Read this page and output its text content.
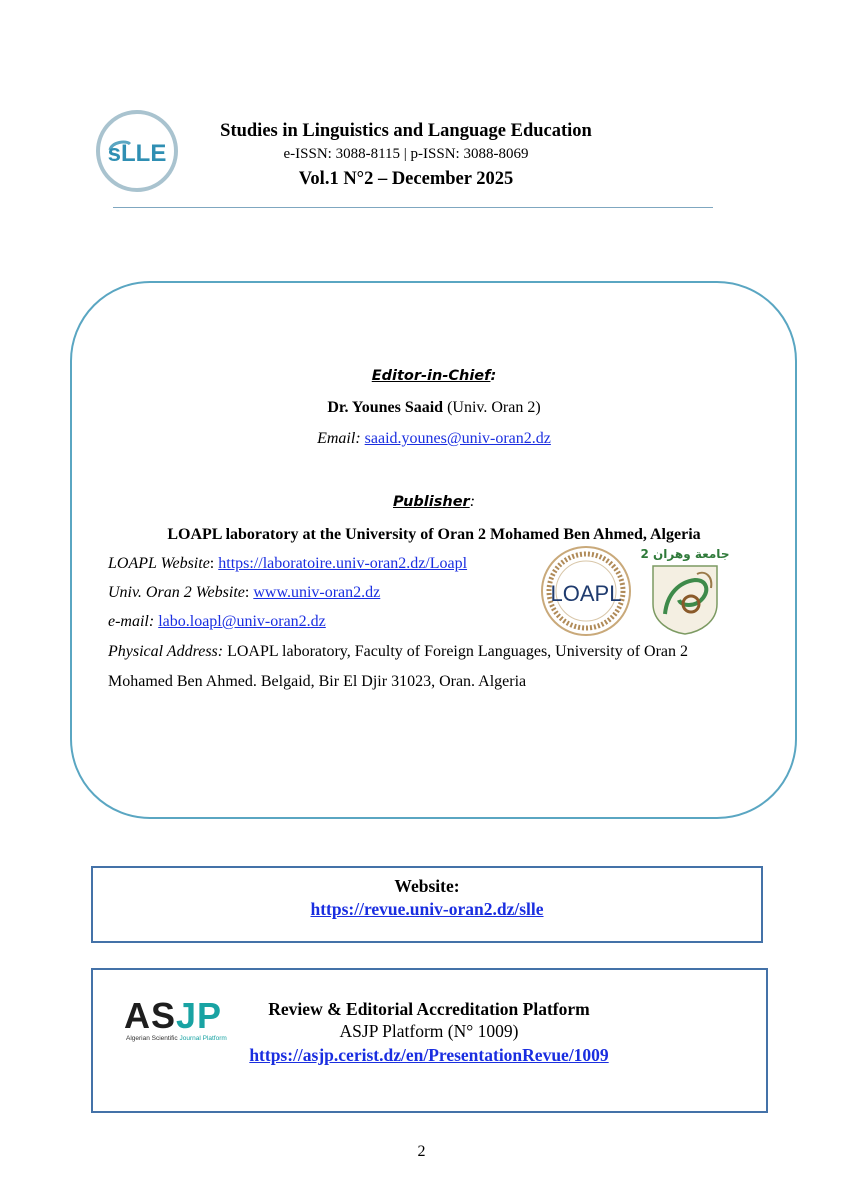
sLLE
Studies in Linguistics and Language Education
e-ISSN: 3088-8115 | p-ISSN: 3088-8069
Vol.1 N°2 – December 2025
Editor-in-Chief:
Dr. Younes Saaid (Univ. Oran 2)
Email: saaid.younes@univ-oran2.dz
Publisher:
LOAPL laboratory at the University of Oran 2 Mohamed Ben Ahmed, Algeria
LOAPL Website: https://laboratoire.univ-oran2.dz/Loapl
Univ. Oran 2 Website: www.univ-oran2.dz
e-mail: labo.loapl@univ-oran2.dz
Physical Address: LOAPL laboratory, Faculty of Foreign Languages, University of Oran 2
Mohamed Ben Ahmed. Belgaid, Bir El Djir 31023, Oran. Algeria
LOAPL
جامعة وهران 2
Website:
https://revue.univ-oran2.dz/slle
ASJP
Algerian Scientific Journal Platform
Review & Editorial Accreditation Platform
ASJP Platform (N° 1009)
https://asjp.cerist.dz/en/PresentationRevue/1009
2
